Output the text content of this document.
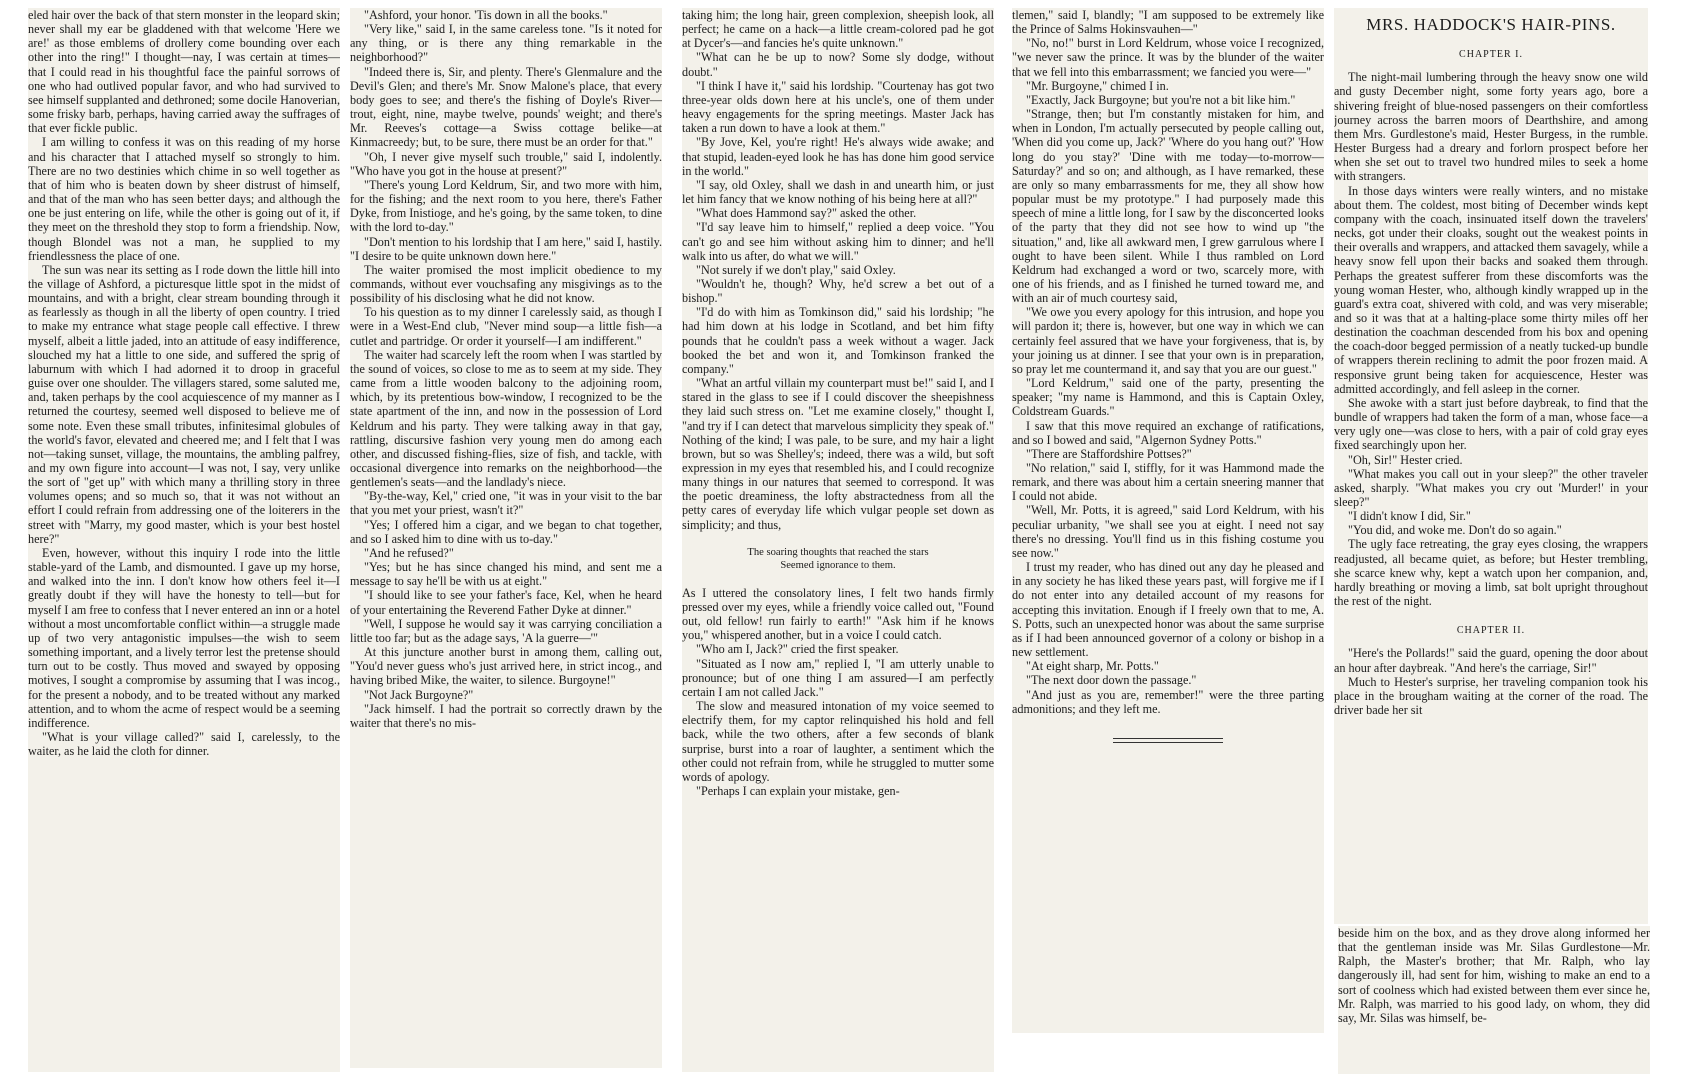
eled hair over the back of that stern monster in the leopard skin; never shall my ear be gladdened with that welcome 'Here we are!' as those emblems of drollery come bounding over each other into the ring!" I thought—nay, I was certain at times—that I could read in his thoughtful face the painful sorrows of one who had outlived popular favor, and who had survived to see himself supplanted and dethroned; some docile Hanoverian, some frisky barb, perhaps, having carried away the suffrages of that ever fickle public.

I am willing to confess it was on this reading of my horse and his character that I attached myself so strongly to him. There are no two destinies which chime in so well together as that of him who is beaten down by sheer distrust of himself, and that of the man who has seen better days; and although the one be just entering on life, while the other is going out of it, if they meet on the threshold they stop to form a friendship. Now, though Blondel was not a man, he supplied to my friendlessness the place of one.

The sun was near its setting as I rode down the little hill into the village of Ashford, a picturesque little spot in the midst of mountains, and with a bright, clear stream bounding through it as fearlessly as though in all the liberty of open country. I tried to make my entrance what stage people call effective. I threw myself, albeit a little jaded, into an attitude of easy indifference, slouched my hat a little to one side, and suffered the sprig of laburnum with which I had adorned it to droop in graceful guise over one shoulder. The villagers stared, some saluted me, and, taken perhaps by the cool acquiescence of my manner as I returned the courtesy, seemed well disposed to believe me of some note. Even these small tributes, infinitesimal globules of the world's favor, elevated and cheered me; and I felt that I was not—taking sunset, village, the mountains, the ambling palfrey, and my own figure into account—I was not, I say, very unlike the sort of "get up" with which many a thrilling story in three volumes opens; and so much so, that it was not without an effort I could refrain from addressing one of the loiterers in the street with "Marry, my good master, which is your best hostel here?"

Even, however, without this inquiry I rode into the little stable-yard of the Lamb, and dismounted. I gave up my horse, and walked into the inn. I don't know how others feel it—I greatly doubt if they will have the honesty to tell—but for myself I am free to confess that I never entered an inn or a hotel without a most uncomfortable conflict within—a struggle made up of two very antagonistic impulses—the wish to seem something important, and a lively terror lest the pretense should turn out to be costly. Thus moved and swayed by opposing motives, I sought a compromise by assuming that I was incog., for the present a nobody, and to be treated without any marked attention, and to whom the acme of respect would be a seeming indifference.

"What is your village called?" said I, carelessly, to the waiter, as he laid the cloth for dinner.

"Ashford, your honor. 'Tis down in all the books."

"Very like," said I, in the same careless tone. "Is it noted for any thing, or is there any thing remarkable in the neighborhood?"

"Indeed there is, Sir, and plenty. There's Glenmalure and the Devil's Glen; and there's Mr. Snow Malone's place, that every body goes to see; and there's the fishing of Doyle's River—trout, eight, nine, maybe twelve, pounds' weight; and there's Mr. Reeves's cottage—a Swiss cottage belike—at Kinmacreedy; but, to be sure, there must be an order for that."

"Oh, I never give myself such trouble," said I, indolently. "Who have you got in the house at present?"

"There's young Lord Keldrum, Sir, and two more with him, for the fishing; and the next room to you here, there's Father Dyke, from Inistioge, and he's going, by the same token, to dine with the lord to-day."

"Don't mention to his lordship that I am here," said I, hastily. "I desire to be quite unknown down here."

The waiter promised the most implicit obedience to my commands, without ever vouchsafing any misgivings as to the possibility of his disclosing what he did not know.

To his question as to my dinner I carelessly said, as though I were in a West-End club, "Never mind soup—a little fish—a cutlet and partridge. Or order it yourself—I am indifferent."

The waiter had scarcely left the room when I was startled by the sound of voices, so close to me as to seem at my side. They came from a little wooden balcony to the adjoining room, which, by its pretentious bow-window, I recognized to be the state apartment of the inn, and now in the possession of Lord Keldrum and his party. They were talking away in that gay, rattling, discursive fashion very young men do among each other, and discussed fishing-flies, size of fish, and tackle, with occasional divergence into remarks on the neighborhood—the gentlemen's seats—and the landlady's niece.

"By-the-way, Kel," cried one, "it was in your visit to the bar that you met your priest, wasn't it?"

"Yes; I offered him a cigar, and we began to chat together, and so I asked him to dine with us to-day."

"And he refused?"

"Yes; but he has since changed his mind, and sent me a message to say he'll be with us at eight."

"I should like to see your father's face, Kel, when he heard of your entertaining the Reverend Father Dyke at dinner."

"Well, I suppose he would say it was carrying conciliation a little too far; but as the adage says, 'A la guerre—'"

At this juncture another burst in among them, calling out, "You'd never guess who's just arrived here, in strict incog., and having bribed Mike, the waiter, to silence. Burgoyne!"

"Not Jack Burgoyne?"

"Jack himself. I had the portrait so correctly drawn by the waiter that there's no mis-

taking him; the long hair, green complexion, sheepish look, all perfect; he came on a hack—a little cream-colored pad he got at Dycer's—and fancies he's quite unknown."

"What can he be up to now? Some sly dodge, without doubt."

"I think I have it," said his lordship. "Courtenay has got two three-year olds down here at his uncle's, one of them under heavy engagements for the spring meetings. Master Jack has taken a run down to have a look at them."

"By Jove, Kel, you're right! He's always wide awake; and that stupid, leaden-eyed look he has has done him good service in the world."

"I say, old Oxley, shall we dash in and unearth him, or just let him fancy that we know nothing of his being here at all?"

"What does Hammond say?" asked the other.

"I'd say leave him to himself," replied a deep voice. "You can't go and see him without asking him to dinner; and he'll walk into us after, do what we will."

"Not surely if we don't play," said Oxley.

"Wouldn't he, though? Why, he'd screw a bet out of a bishop."

"I'd do with him as Tomkinson did," said his lordship; "he had him down at his lodge in Scotland, and bet him fifty pounds that he couldn't pass a week without a wager. Jack booked the bet and won it, and Tomkinson franked the company."

"What an artful villain my counterpart must be!" said I, and I stared in the glass to see if I could discover the sheepishness they laid such stress on. "Let me examine closely," thought I, "and try if I can detect that marvelous simplicity they speak of." Nothing of the kind; I was pale, to be sure, and my hair a light brown, but so was Shelley's; indeed, there was a wild, but soft expression in my eyes that resembled his, and I could recognize many things in our natures that seemed to correspond. It was the poetic dreaminess, the lofty abstractedness from all the petty cares of everyday life which vulgar people set down as simplicity; and thus,

The soaring thoughts that reached the stars
Seemed ignorance to them.

As I uttered the consolatory lines, I felt two hands firmly pressed over my eyes, while a friendly voice called out, "Found out, old fellow! run fairly to earth!" "Ask him if he knows you," whispered another, but in a voice I could catch.

"Who am I, Jack?" cried the first speaker.

"Situated as I now am," replied I, "I am utterly unable to pronounce; but of one thing I am assured—I am perfectly certain I am not called Jack."

The slow and measured intonation of my voice seemed to electrify them, for my captor relinquished his hold and fell back, while the two others, after a few seconds of blank surprise, burst into a roar of laughter, a sentiment which the other could not refrain from, while he struggled to mutter some words of apology.

"Perhaps I can explain your mistake, gen-

tlemen," said I, blandly; "I am supposed to be extremely like the Prince of Salms Hokinsvauhen—"

"No, no!" burst in Lord Keldrum, whose voice I recognized, "we never saw the prince. It was by the blunder of the waiter that we fell into this embarrassment; we fancied you were—"

"Mr. Burgoyne," chimed I in.

"Exactly, Jack Burgoyne; but you're not a bit like him."

"Strange, then; but I'm constantly mistaken for him, and when in London, I'm actually persecuted by people calling out, 'When did you come up, Jack?' 'Where do you hang out?' 'How long do you stay?' 'Dine with me today—to-morrow—Saturday?' and so on; and although, as I have remarked, these are only so many embarrassments for me, they all show how popular must be my prototype." I had purposely made this speech of mine a little long, for I saw by the disconcerted looks of the party that they did not see how to wind up "the situation," and, like all awkward men, I grew garrulous where I ought to have been silent. While I thus rambled on Lord Keldrum had exchanged a word or two, scarcely more, with one of his friends, and as I finished he turned toward me, and with an air of much courtesy said,

"We owe you every apology for this intrusion, and hope you will pardon it; there is, however, but one way in which we can certainly feel assured that we have your forgiveness, that is, by your joining us at dinner. I see that your own is in preparation, so pray let me countermand it, and say that you are our guest."

"Lord Keldrum," said one of the party, presenting the speaker; "my name is Hammond, and this is Captain Oxley, Coldstream Guards."

I saw that this move required an exchange of ratifications, and so I bowed and said, "Algernon Sydney Potts."

"There are Staffordshire Pottses?"

"No relation," said I, stiffly, for it was Hammond made the remark, and there was about him a certain sneering manner that I could not abide.

"Well, Mr. Potts, it is agreed," said Lord Keldrum, with his peculiar urbanity, "we shall see you at eight. I need not say there's no dressing. You'll find us in this fishing costume you see now."

I trust my reader, who has dined out any day he pleased and in any society he has liked these years past, will forgive me if I do not enter into any detailed account of my reasons for accepting this invitation. Enough if I freely own that to me, A. S. Potts, such an unexpected honor was about the same surprise as if I had been announced governor of a colony or bishop in a new settlement.

"At eight sharp, Mr. Potts."

"The next door down the passage."

"And just as you are, remember!" were the three parting admonitions; and they left me.

MRS. HADDOCK'S HAIR-PINS.
CHAPTER I.

The night-mail lumbering through the heavy snow one wild and gusty December night, some forty years ago, bore a shivering freight of blue-nosed passengers on their comfortless journey across the barren moors of Dearthshire, and among them Mrs. Gurdlestone's maid, Hester Burgess, in the rumble. Hester Burgess had a dreary and forlorn prospect before her when she set out to travel two hundred miles to seek a home with strangers.

In those days winters were really winters, and no mistake about them. The coldest, most biting of December winds kept company with the coach, insinuated itself down the travelers' necks, got under their cloaks, sought out the weakest points in their overalls and wrappers, and attacked them savagely, while a heavy snow fell upon their backs and soaked them through. Perhaps the greatest sufferer from these discomforts was the young woman Hester, who, although kindly wrapped up in the guard's extra coat, shivered with cold, and was very miserable; and so it was that at a halting-place some thirty miles off her destination the coachman descended from his box and opening the coach-door begged permission of a neatly tucked-up bundle of wrappers therein reclining to admit the poor frozen maid. A responsive grunt being taken for acquiescence, Hester was admitted accordingly, and fell asleep in the corner.

She awoke with a start just before daybreak, to find that the bundle of wrappers had taken the form of a man, whose face—a very ugly one—was close to hers, with a pair of cold gray eyes fixed searchingly upon her.

"Oh, Sir!" Hester cried.

"What makes you call out in your sleep?" the other traveler asked, sharply. "What makes you cry out 'Murder!' in your sleep?"

"I didn't know I did, Sir."

"You did, and woke me. Don't do so again."

The ugly face retreating, the gray eyes closing, the wrappers readjusted, all became quiet, as before; but Hester trembling, she scarce knew why, kept a watch upon her companion, and, hardly breathing or moving a limb, sat bolt upright throughout the rest of the night.

CHAPTER II.

"Here's the Pollards!" said the guard, opening the door about an hour after daybreak. "And here's the carriage, Sir!"

Much to Hester's surprise, her traveling companion took his place in the brougham waiting at the corner of the road. The driver bade her sit

beside him on the box, and as they drove along informed her that the gentleman inside was Mr. Silas Gurdlestone—Mr. Ralph, the Master's brother; that Mr. Ralph, who lay dangerously ill, had sent for him, wishing to make an end to a sort of coolness which had existed between them ever since he, Mr. Ralph, was married to his good lady, on whom, they did say, Mr. Silas was himself, be-
